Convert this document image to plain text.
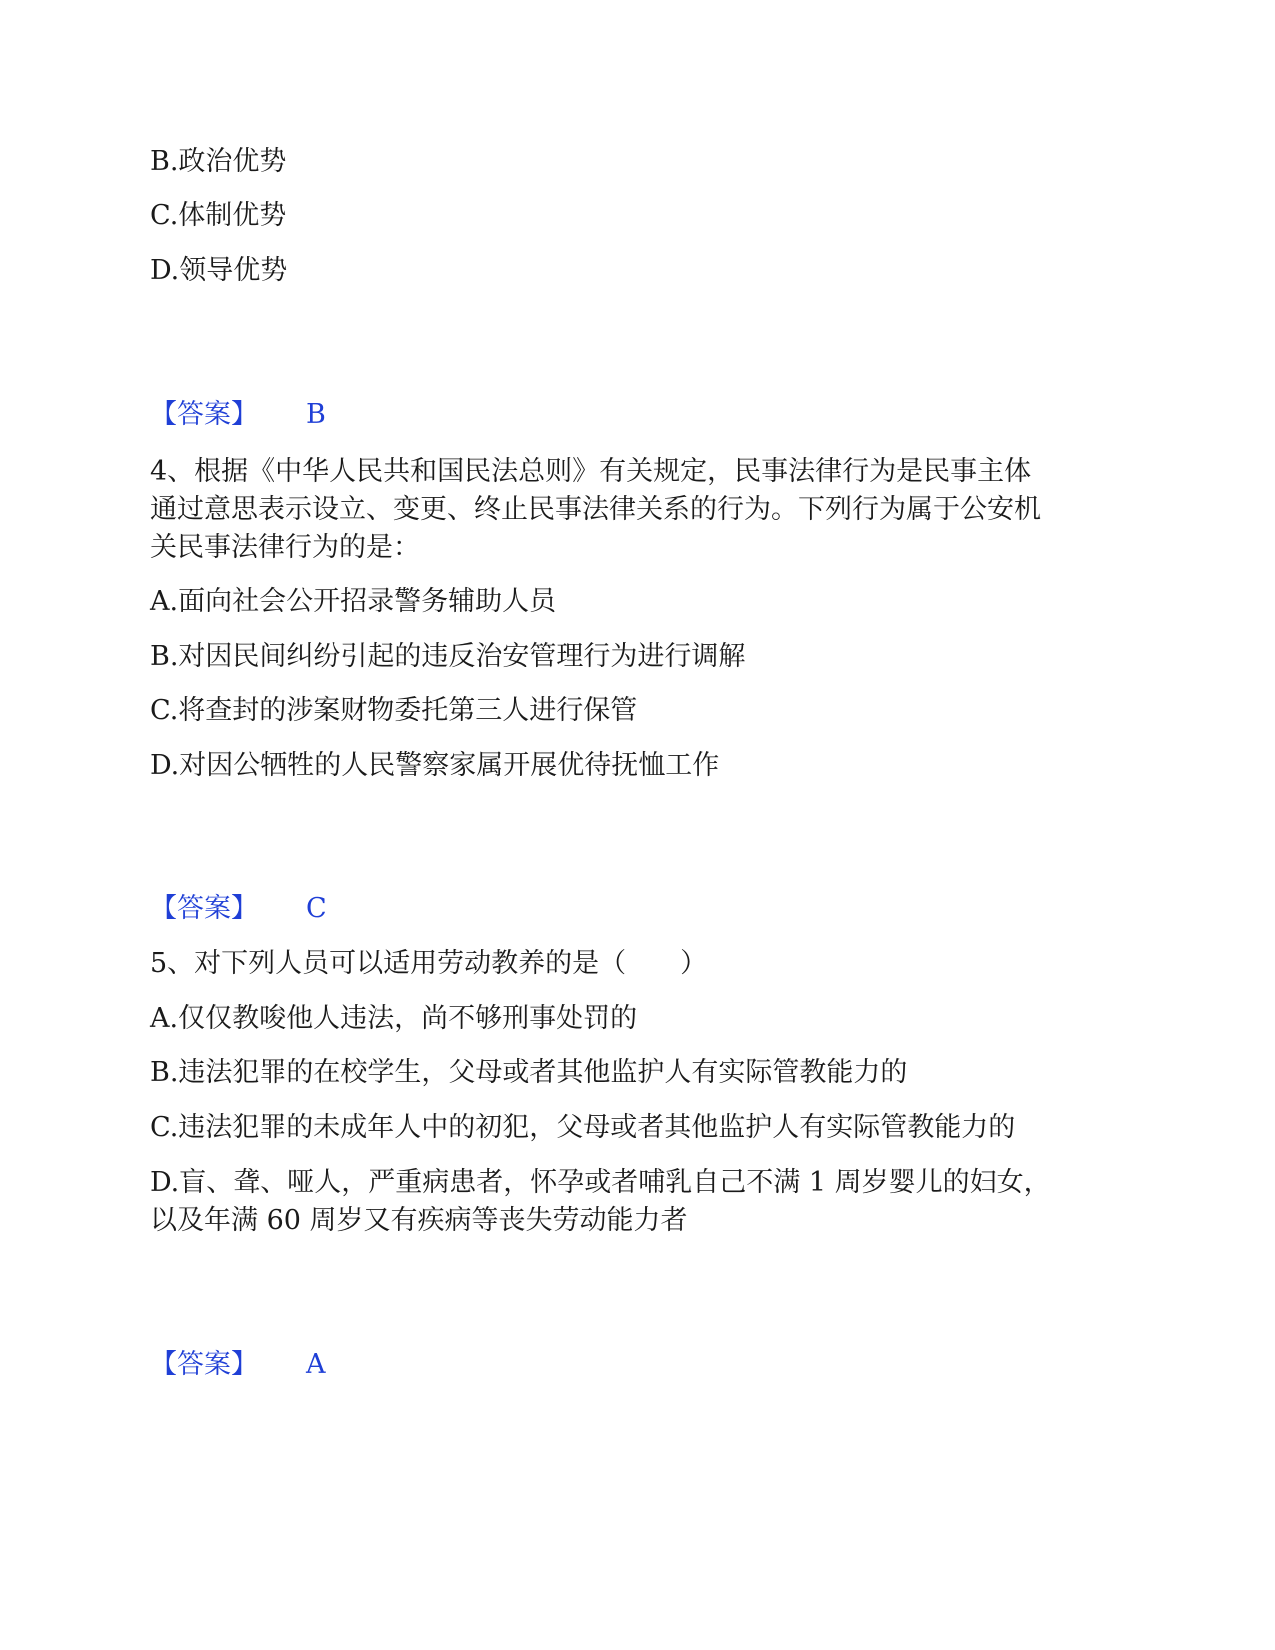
B.政治优势
C.体制优势
D.领导优势
【答案】 B
4、根据《中华人民共和国民法总则》有关规定，民事法律行为是民事主体
通过意思表示设立、变更、终止民事法律关系的行为。下列行为属于公安机
关民事法律行为的是：
A.面向社会公开招录警务辅助人员
B.对因民间纠纷引起的违反治安管理行为进行调解
C.将查封的涉案财物委托第三人进行保管
D.对因公牺牲的人民警察家属开展优待抚恤工作
【答案】 C
5、对下列人员可以适用劳动教养的是（　　）
A.仅仅教唆他人违法，尚不够刑事处罚的
B.违法犯罪的在校学生，父母或者其他监护人有实际管教能力的
C.违法犯罪的未成年人中的初犯，父母或者其他监护人有实际管教能力的
D.盲、聋、哑人，严重病患者，怀孕或者哺乳自己不满 1 周岁婴儿的妇女，
以及年满 60 周岁又有疾病等丧失劳动能力者
【答案】 A
